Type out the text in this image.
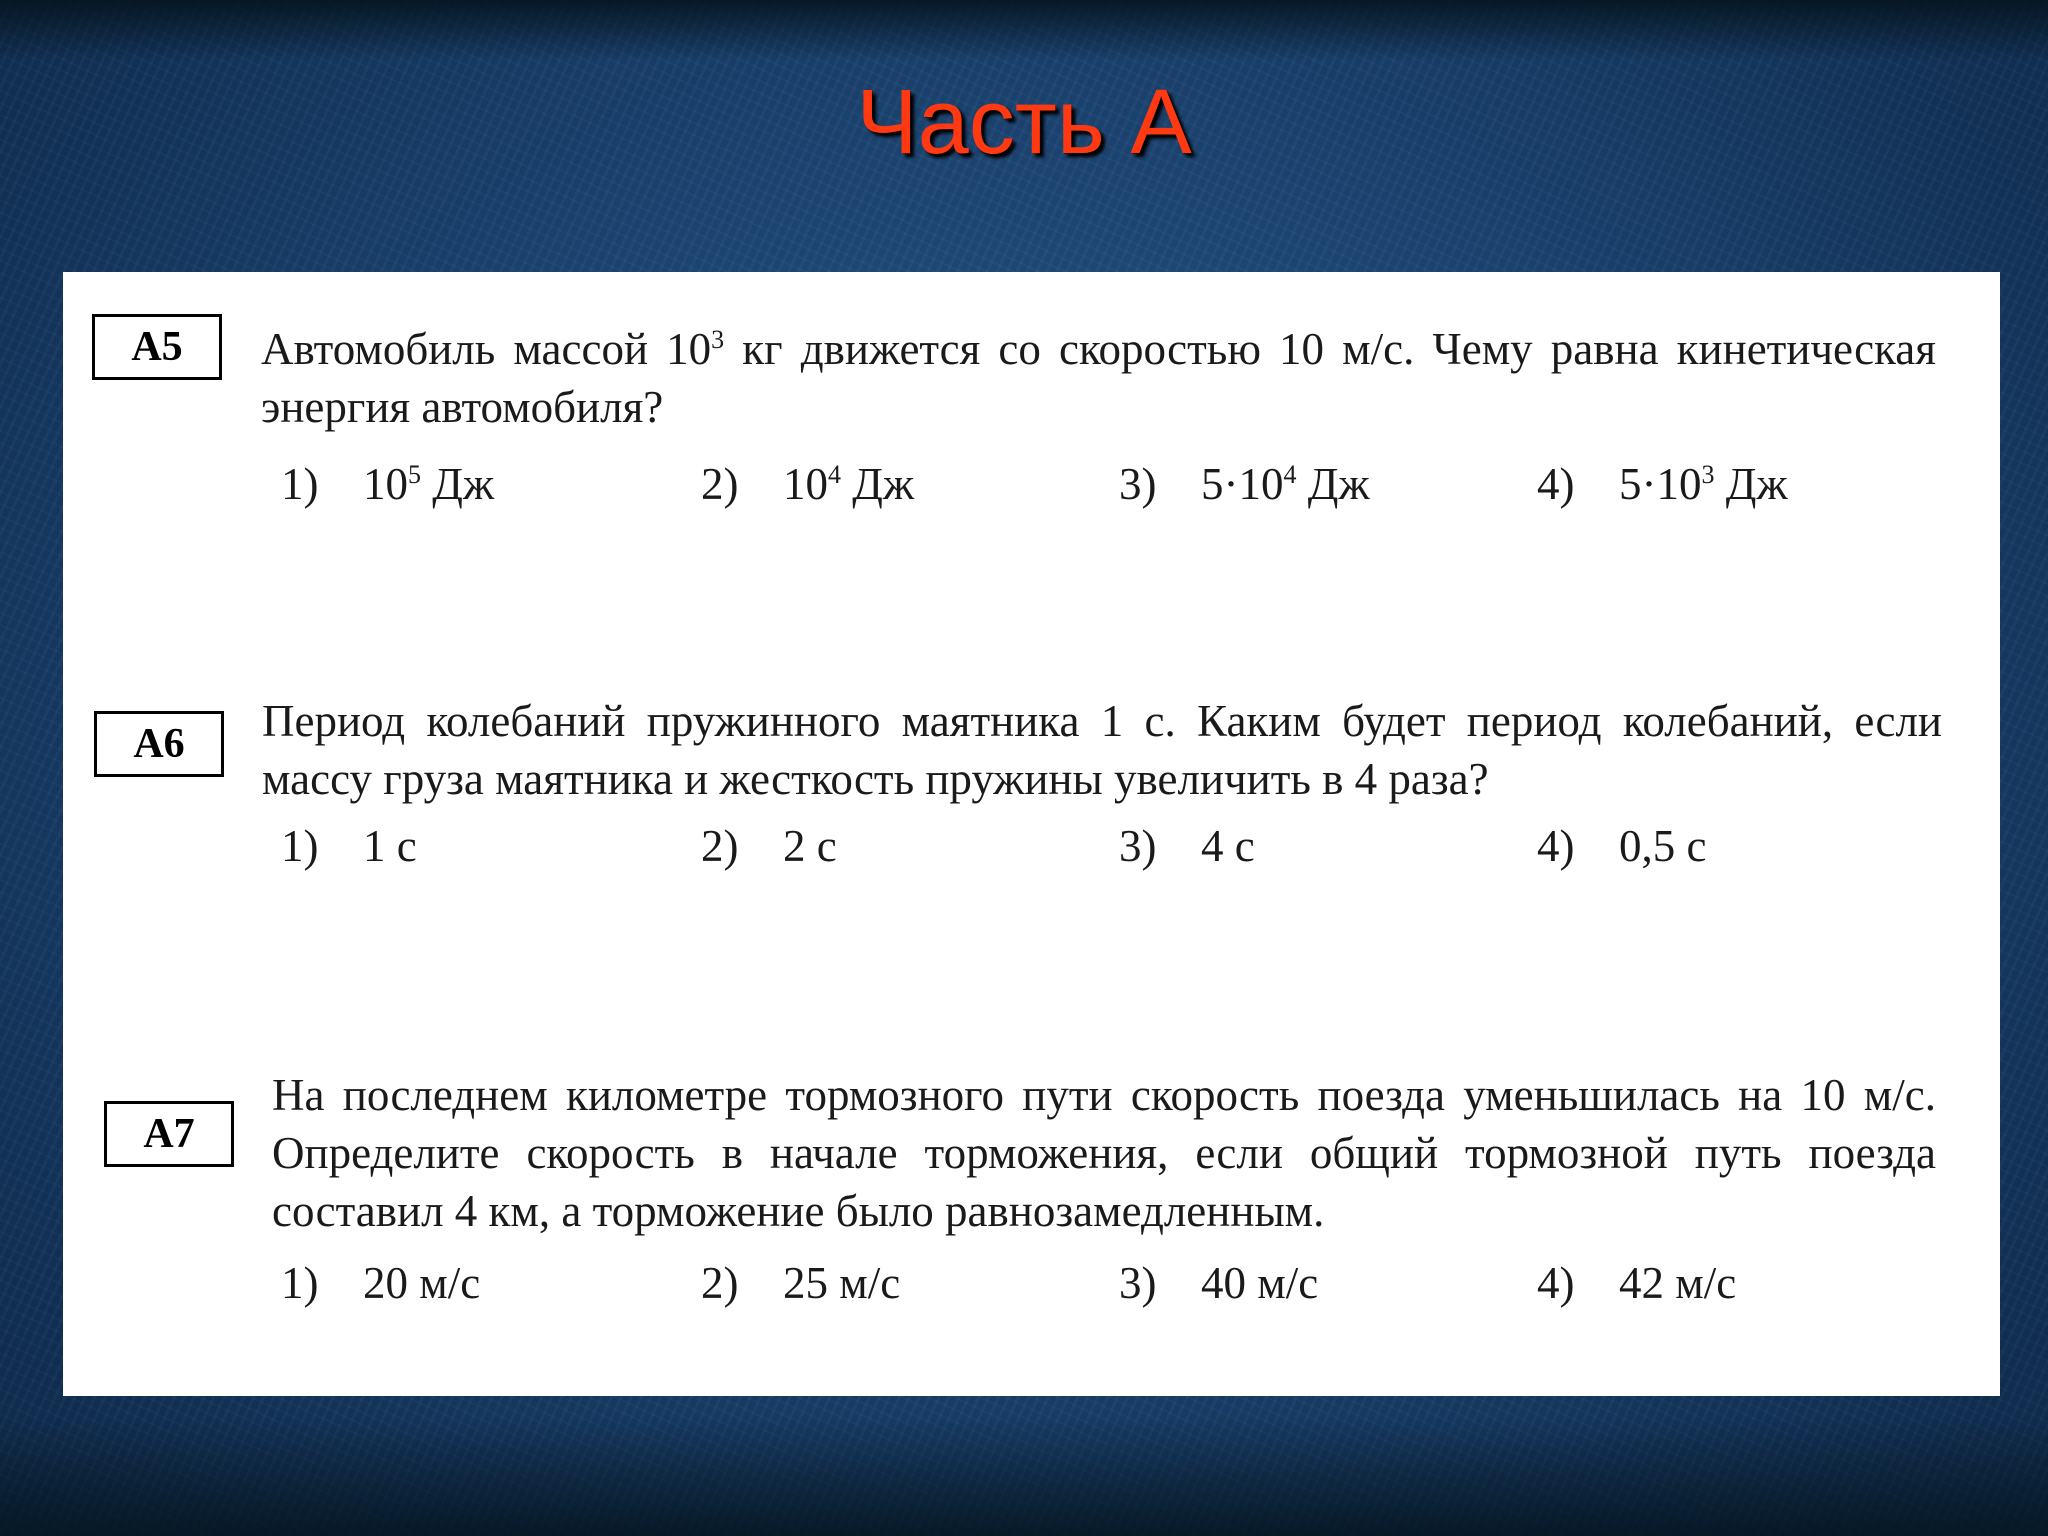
Часть А
А5	Автомобиль массой $10^3$ кг движется со скоростью 10 м/с. Чему равна кинетическая энергия автомобиля?
1) $10^5$ Дж	2) $10^4$ Дж	3) $5\cdot 10^4$ Дж	4) $5\cdot 10^3$ Дж
А6	Период колебаний пружинного маятника 1 с. Каким будет период колебаний, если массу груза маятника и жесткость пружины увеличить в 4 раза?
1) 1 с	2) 2 с	3) 4 с	4) 0,5 с
А7
На последнем километре тормозного пути скорость поезда уменьшилась на 10 м/с. Определите скорость в начале торможения, если общий тормозной путь поезда составил 4 км, а торможение было равнозамедленным.
1) 20 м/с	2) 25 м/с	3) 40 м/с	4) 42 м/с
